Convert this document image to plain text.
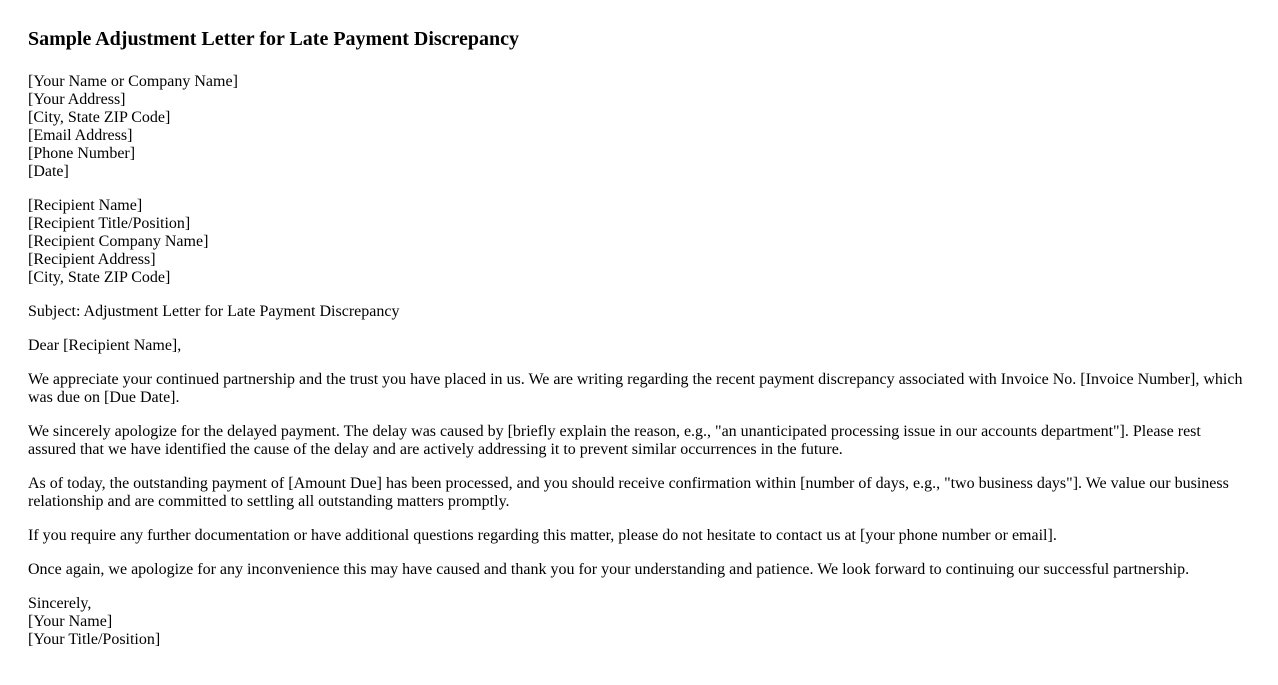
Sample Adjustment Letter for Late Payment Discrepancy
[Your Name or Company Name]
[Your Address]
[City, State ZIP Code]
[Email Address]
[Phone Number]
[Date]
[Recipient Name]
[Recipient Title/Position]
[Recipient Company Name]
[Recipient Address]
[City, State ZIP Code]

Subject: Adjustment Letter for Late Payment Discrepancy

Dear [Recipient Name],

We appreciate your continued partnership and the trust you have placed in us. We are writing regarding the recent payment discrepancy associated with Invoice No. [Invoice Number], which was due on [Due Date].

We sincerely apologize for the delayed payment. The delay was caused by [briefly explain the reason, e.g., "an unanticipated processing issue in our accounts department"]. Please rest assured that we have identified the cause of the delay and are actively addressing it to prevent similar occurrences in the future.

As of today, the outstanding payment of [Amount Due] has been processed, and you should receive confirmation within [number of days, e.g., "two business days"]. We value our business relationship and are committed to settling all outstanding matters promptly.

If you require any further documentation or have additional questions regarding this matter, please do not hesitate to contact us at [your phone number or email].

Once again, we apologize for any inconvenience this may have caused and thank you for your understanding and patience. We look forward to continuing our successful partnership.

Sincerely,
[Your Name]
[Your Title/Position]
